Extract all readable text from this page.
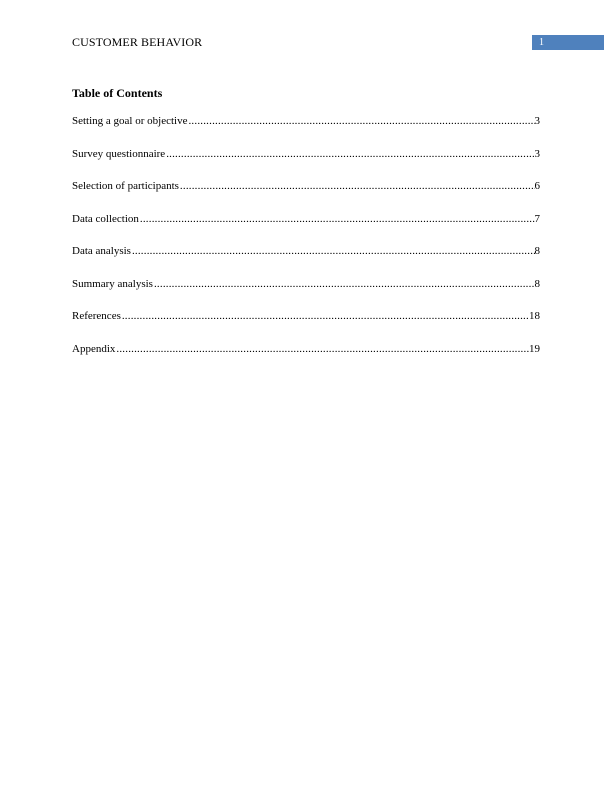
CUSTOMER BEHAVIOR	1
Table of Contents
Setting a goal or objective .....	3
Survey questionnaire .....	3
Selection of participants .....	6
Data collection .....	7
Data analysis .....	8
Summary analysis .....	8
References .....	18
Appendix .....	19
